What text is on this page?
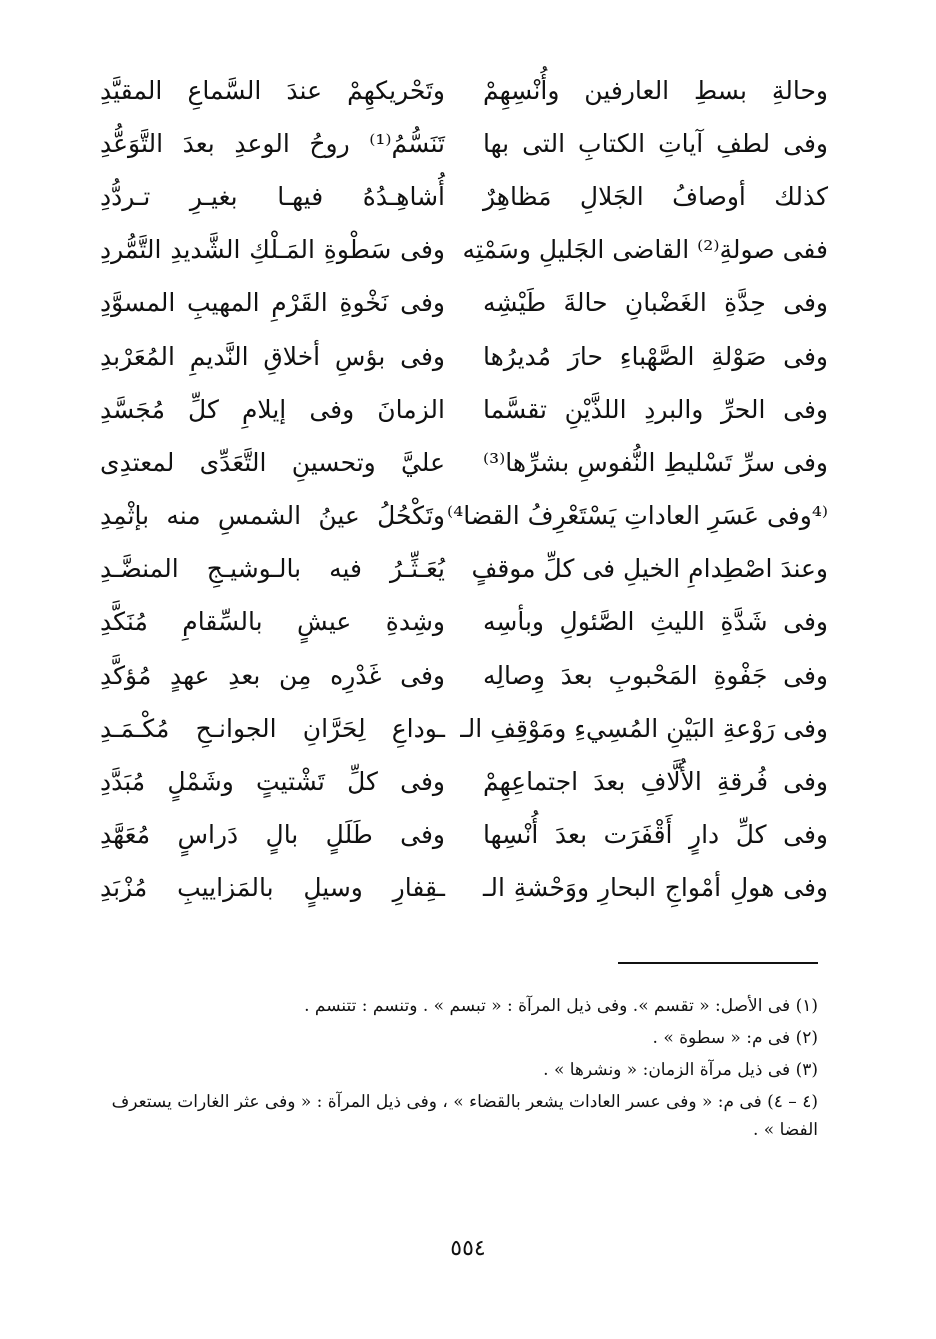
وحالةِ بسطِ العارفين وأُنْسِهِمْ
وتَحْريكهِمْ عندَ السَّماعِ المقيَّدِ
وفى لطفِ آياتِ الكتابِ التى بها
تَنَسُّمُ⁽¹⁾ روحُ الوعدِ بعدَ التَّوَعُّدِ
كذلك أوصافُ الجَلالِ مَظاهِرٌ
أُشاهِـدُهُ فيهـا بغيـرِ تـردُّدِ
ففى صولةِ⁽²⁾ القاضى الجَليلِ وسَمْتِه
وفى سَطْوةِ المَـلْكِ الشَّديدِ التَّمُّردِ
وفى حِدَّةِ الغَضْبانِ حالةَ طَيْشِه
وفى نَخْوةِ القَرْمِ المهيبِ المسوَّدِ
وفى صَوْلةِ الصَّهْباءِ حارَ مُديرُها
وفى بؤسِ أخلاقِ النَّديمِ المُعَرْبدِ
وفى الحرِّ والبردِ اللذَّيْنِ تقسَّما
الزمانَ وفى إيلامِ كلِّ مُجَسَّدِ
وفى سرِّ تَسْليطِ النُّفوسِ بشرِّها⁽³⁾
عليَّ وتحسينِ التَّعَدِّى لمعتدِى
⁽⁴وفى عَسَرِ العاداتِ يَسْتَعْرِفُ القضا⁴⁾
وتَكْحُلُ عينُ الشمسِ منه بإثْمِدِ
وعندَ اصْطِدامِ الخيلِ فى كلِّ موقفٍ
يُعَـثِّـرُ فيه بالـوشيـجِ المنضَّـدِ
وفى شَدَّةِ الليثِ الصَّئولِ وبأسِه
وشِدةِ عيشٍ بالسِّقامِ مُنَكَّدِ
وفى جَفْوةِ المَحْبوبِ بعدَ وِصالِه
وفى غَدْرِه مِن بعدِ عهدٍ مُؤكَّدِ
وفى رَوْعةِ البَيْنِ المُسِيءِ ومَوْقِفِ الـ
ـوداعِ لِحَرَّانِ الجوانـحِ مُكْـمَـدِ
وفى فُرقةِ الأُلَّافِ بعدَ اجتماعِهِمْ
وفى كلِّ تَشْتيتٍ وشَمْلٍ مُبَدَّدِ
وفى كلِّ دارٍ أَقْفَرَت بعدَ أُنْسِها
وفى طَلَلٍ بالٍ دَراسٍ مُعَهَّدِ
وفى هولِ أمْواجِ البحارِ ووَحْشةِ الـ
ـقِفارِ وسيلٍ بالمَزاييبِ مُزْبَدِ
(١) فى الأصل: « تقسم ». وفى ذيل المرآة : « تبسم » . وتنسم : تتنسم .
(٢) فى م: « سطوة » .
(٣) فى ذيل مرآة الزمان: « ونشرها » .
(٤ – ٤) فى م: « وفى عسر العادات يشعر بالقضاء » ، وفى ذيل المرآة : « وفى عثر الغارات يستعرف الفضا » .
٥٥٤
